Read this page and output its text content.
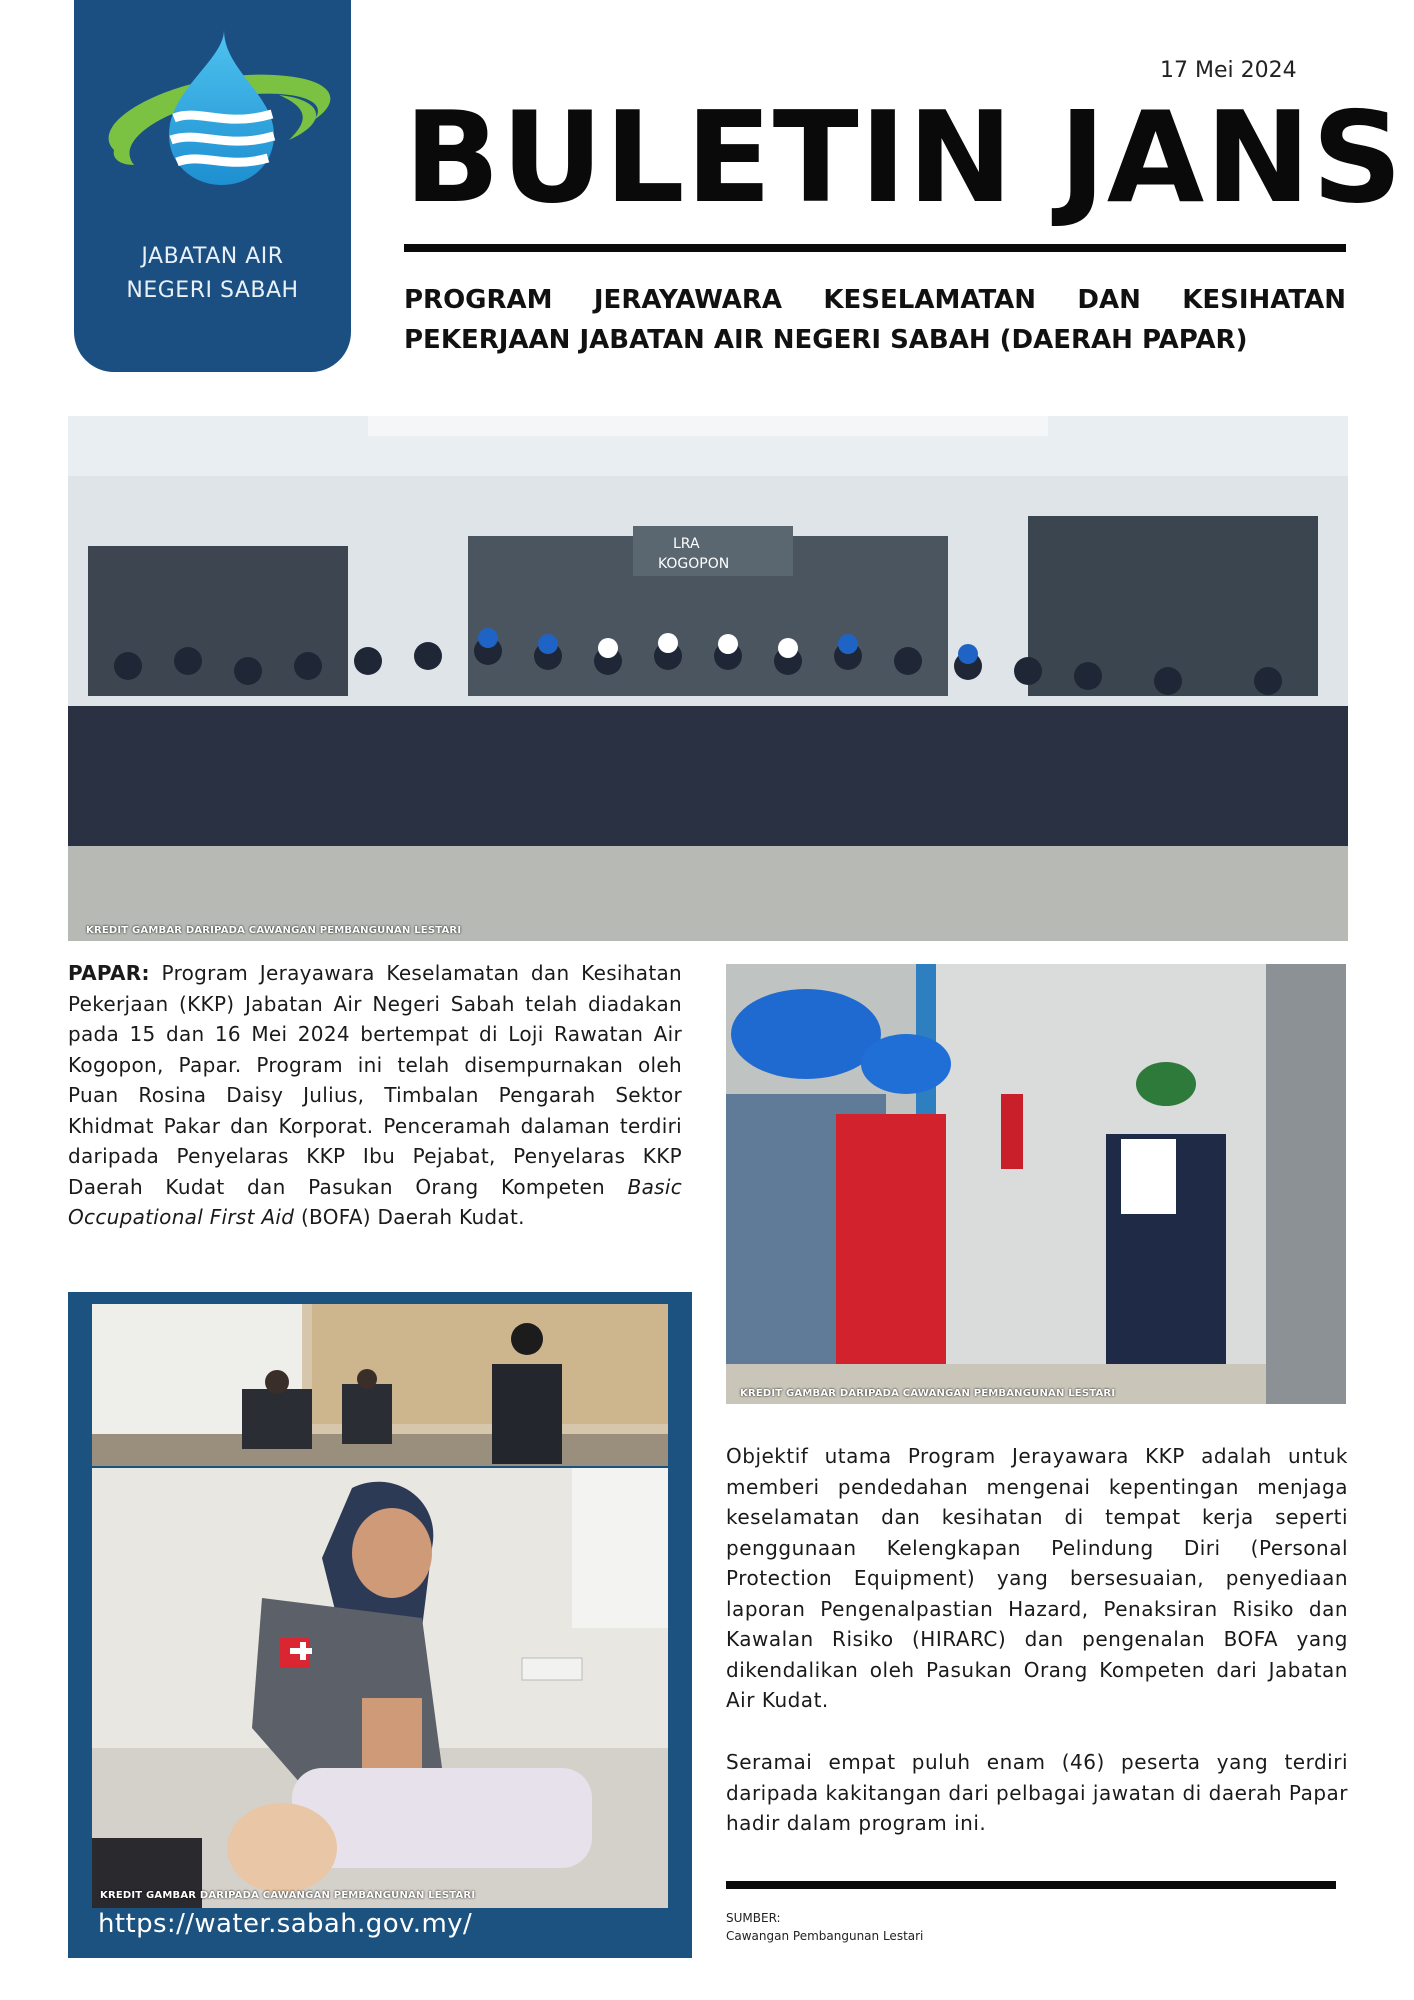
JABATAN AIR
NEGERI SABAH
17 Mei 2024
BULETIN JANS
PROGRAM JERAYAWARA KESELAMATAN DAN KESIHATAN PEKERJAAN JABATAN AIR NEGERI SABAH (DAERAH PAPAR)
LRA
KOGOPON
KREDIT GAMBAR DARIPADA CAWANGAN PEMBANGUNAN LESTARI
PAPAR: Program Jerayawara Keselamatan dan Kesihatan Pekerjaan (KKP) Jabatan Air Negeri Sabah telah diadakan pada 15 dan 16 Mei 2024 bertempat di Loji Rawatan Air Kogopon, Papar. Program ini telah disempurnakan oleh Puan Rosina Daisy Julius, Timbalan Pengarah Sektor Khidmat Pakar dan Korporat. Penceramah dalaman terdiri daripada Penyelaras KKP Ibu Pejabat, Penyelaras KKP Daerah Kudat dan Pasukan Orang Kompeten Basic Occupational First Aid (BOFA) Daerah Kudat.
KREDIT GAMBAR DARIPADA CAWANGAN PEMBANGUNAN LESTARI
KREDIT GAMBAR DARIPADA CAWANGAN PEMBANGUNAN LESTARI
https://water.sabah.gov.my/
Objektif utama Program Jerayawara KKP adalah untuk memberi pendedahan mengenai kepentingan menjaga keselamatan dan kesihatan di tempat kerja seperti penggunaan Kelengkapan Pelindung Diri (Personal Protection Equipment) yang bersesuaian, penyediaan laporan Pengenalpastian Hazard, Penaksiran Risiko dan Kawalan Risiko (HIRARC) dan pengenalan BOFA yang dikendalikan oleh Pasukan Orang Kompeten dari Jabatan Air Kudat.
Seramai empat puluh enam (46) peserta yang terdiri daripada kakitangan dari pelbagai jawatan di daerah Papar hadir dalam program ini.
SUMBER:
Cawangan Pembangunan Lestari
